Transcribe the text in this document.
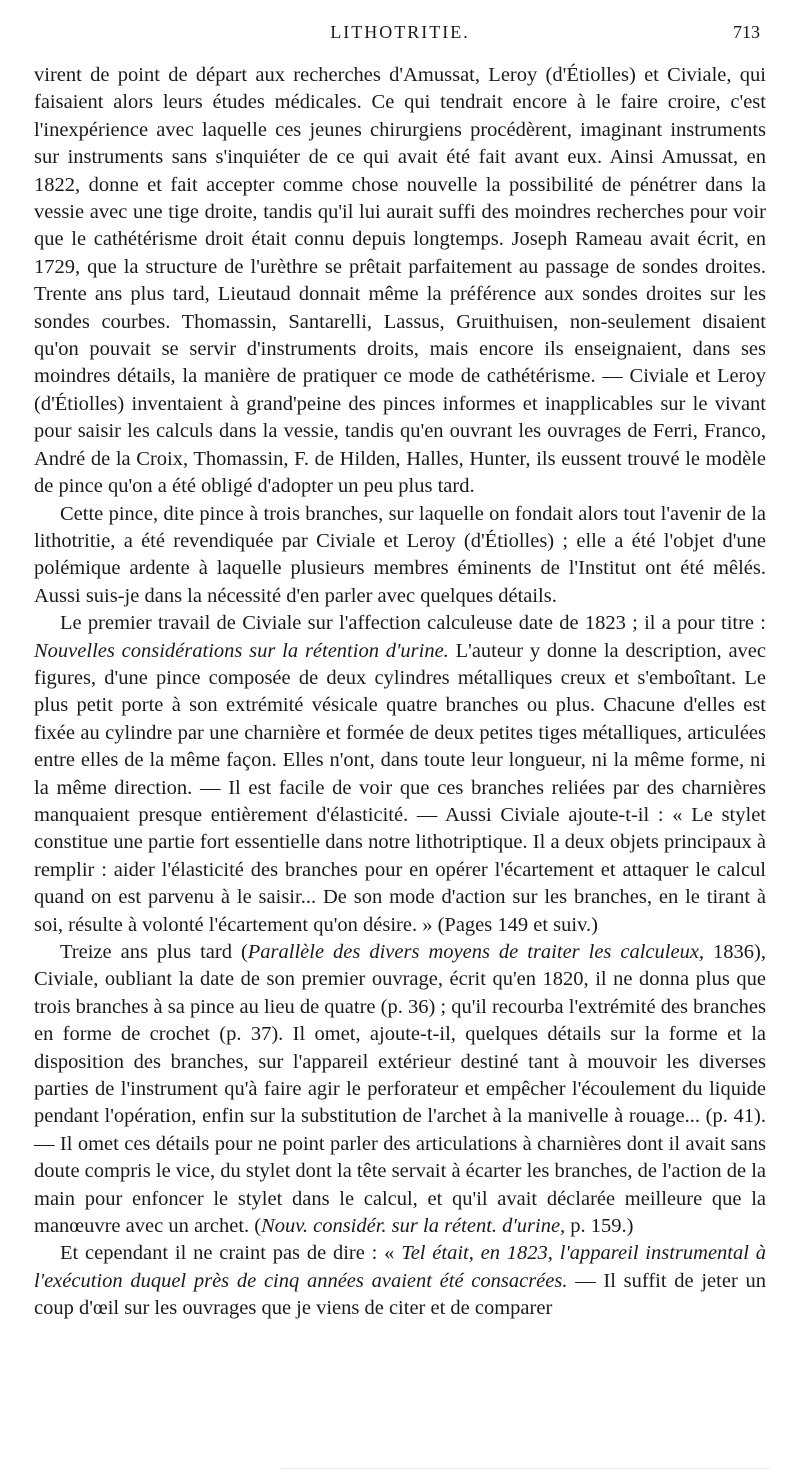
LITHOTRITIE.	713

virent de point de départ aux recherches d'Amussat, Leroy (d'Étiolles) et Civiale, qui faisaient alors leurs études médicales. Ce qui tendrait encore à le faire croire, c'est l'inexpérience avec laquelle ces jeunes chirurgiens procédèrent, imaginant instruments sur instruments sans s'inquiéter de ce qui avait été fait avant eux. Ainsi Amussat, en 1822, donne et fait accepter comme chose nouvelle la possibilité de pénétrer dans la vessie avec une tige droite, tandis qu'il lui aurait suffi des moindres recherches pour voir que le cathétérisme droit était connu depuis longtemps. Joseph Rameau avait écrit, en 1729, que la structure de l'urèthre se prêtait parfaitement au passage de sondes droites. Trente ans plus tard, Lieutaud donnait même la préférence aux sondes droites sur les sondes courbes. Thomassin, Santarelli, Lassus, Gruithuisen, non-seulement disaient qu'on pouvait se servir d'instruments droits, mais encore ils enseignaient, dans ses moindres détails, la manière de pratiquer ce mode de cathétérisme. — Civiale et Leroy (d'Étiolles) inventaient à grand'peine des pinces informes et inapplicables sur le vivant pour saisir les calculs dans la vessie, tandis qu'en ouvrant les ouvrages de Ferri, Franco, André de la Croix, Thomassin, F. de Hilden, Halles, Hunter, ils eussent trouvé le modèle de pince qu'on a été obligé d'adopter un peu plus tard.

Cette pince, dite pince à trois branches, sur laquelle on fondait alors tout l'avenir de la lithotritie, a été revendiquée par Civiale et Leroy (d'Étiolles) ; elle a été l'objet d'une polémique ardente à laquelle plusieurs membres éminents de l'Institut ont été mêlés. Aussi suis-je dans la nécessité d'en parler avec quelques détails.

Le premier travail de Civiale sur l'affection calculeuse date de 1823 ; il a pour titre : Nouvelles considérations sur la rétention d'urine. L'auteur y donne la description, avec figures, d'une pince composée de deux cylindres métalliques creux et s'emboîtant. Le plus petit porte à son extrémité vésicale quatre branches ou plus. Chacune d'elles est fixée au cylindre par une charnière et formée de deux petites tiges métalliques, articulées entre elles de la même façon. Elles n'ont, dans toute leur longueur, ni la même forme, ni la même direction. — Il est facile de voir que ces branches reliées par des charnières manquaient presque entièrement d'élasticité. — Aussi Civiale ajoute-t-il : « Le stylet constitue une partie fort essentielle dans notre lithotriptique. Il a deux objets principaux à remplir : aider l'élasticité des branches pour en opérer l'écartement et attaquer le calcul quand on est parvenu à le saisir... De son mode d'action sur les branches, en le tirant à soi, résulte à volonté l'écartement qu'on désire. » (Pages 149 et suiv.)

Treize ans plus tard (Parallèle des divers moyens de traiter les calculeux, 1836), Civiale, oubliant la date de son premier ouvrage, écrit qu'en 1820, il ne donna plus que trois branches à sa pince au lieu de quatre (p. 36) ; qu'il recourba l'extrémité des branches en forme de crochet (p. 37). Il omet, ajoute-t-il, quelques détails sur la forme et la disposition des branches, sur l'appareil extérieur destiné tant à mouvoir les diverses parties de l'instrument qu'à faire agir le perforateur et empêcher l'écoulement du liquide pendant l'opération, enfin sur la substitution de l'archet à la manivelle à rouage... (p. 41). — Il omet ces détails pour ne point parler des articulations à charnières dont il avait sans doute compris le vice, du stylet dont la tête servait à écarter les branches, de l'action de la main pour enfoncer le stylet dans le calcul, et qu'il avait déclarée meilleure que la manœuvre avec un archet. (Nouv. considér. sur la rétent. d'urine, p. 159.)

Et cependant il ne craint pas de dire : « Tel était, en 1823, l'appareil instrumental à l'exécution duquel près de cinq années avaient été consacrées. — Il suffit de jeter un coup d'œil sur les ouvrages que je viens de citer et de comparer
